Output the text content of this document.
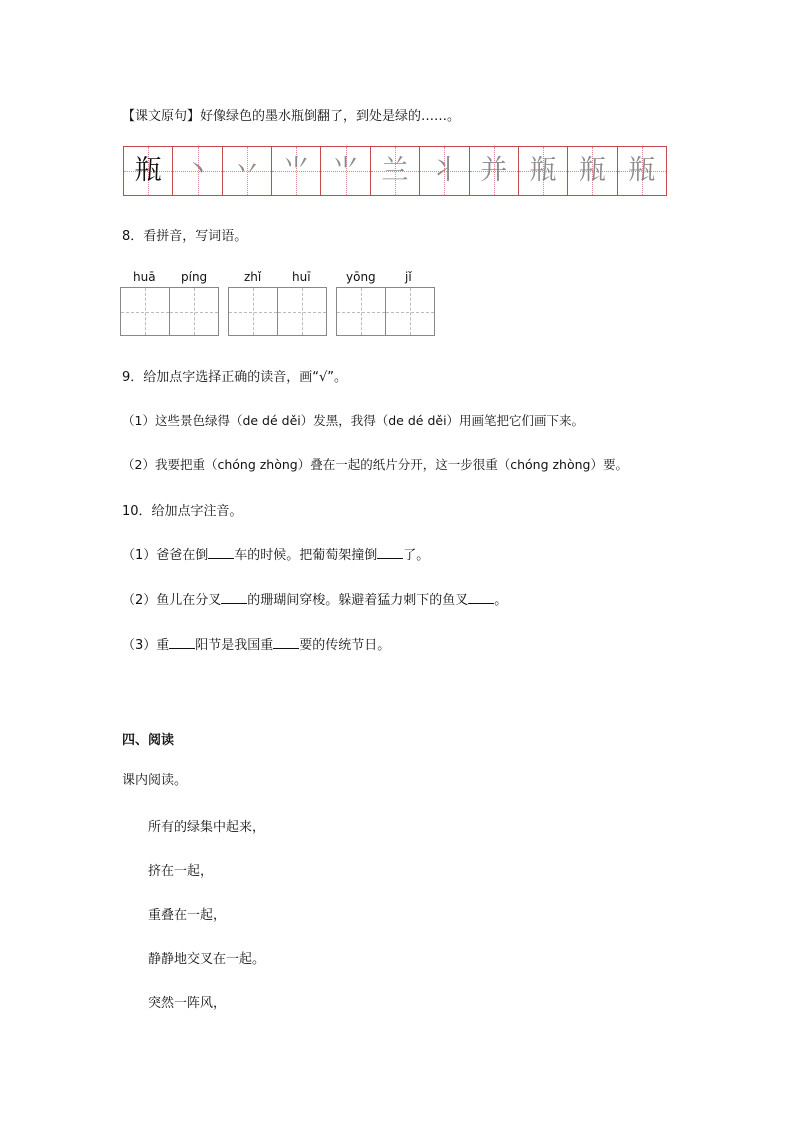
【课文原句】好像绿色的墨水瓶倒翻了，到处是绿的……。
瓶 丶 丷 ⺌ ⺌ 兰 丬 并 瓶 瓶 瓶
8．看拼音，写词语。
huā píng	zhǐ	huī	yōng jǐ
9．给加点字选择正确的读音，画“√”。
（1）这些景色绿得（de dé děi）发黑，我得（de dé děi）用画笔把它们画下来。
（2）我要把重（chóng zhòng）叠在一起的纸片分开，这一步很重（chóng zhòng）要。
10．给加点字注音。
（1）爸爸在倒 车的时候。把葡萄架撞倒 了。
（2）鱼儿在分叉 的珊瑚间穿梭。躲避着猛力刺下的鱼叉 。
（3）重 阳节是我国重 要的传统节日。
四、阅读
课内阅读。
所有的绿集中起来，
挤在一起，
重叠在一起，
静静地交叉在一起。
突然一阵风，
